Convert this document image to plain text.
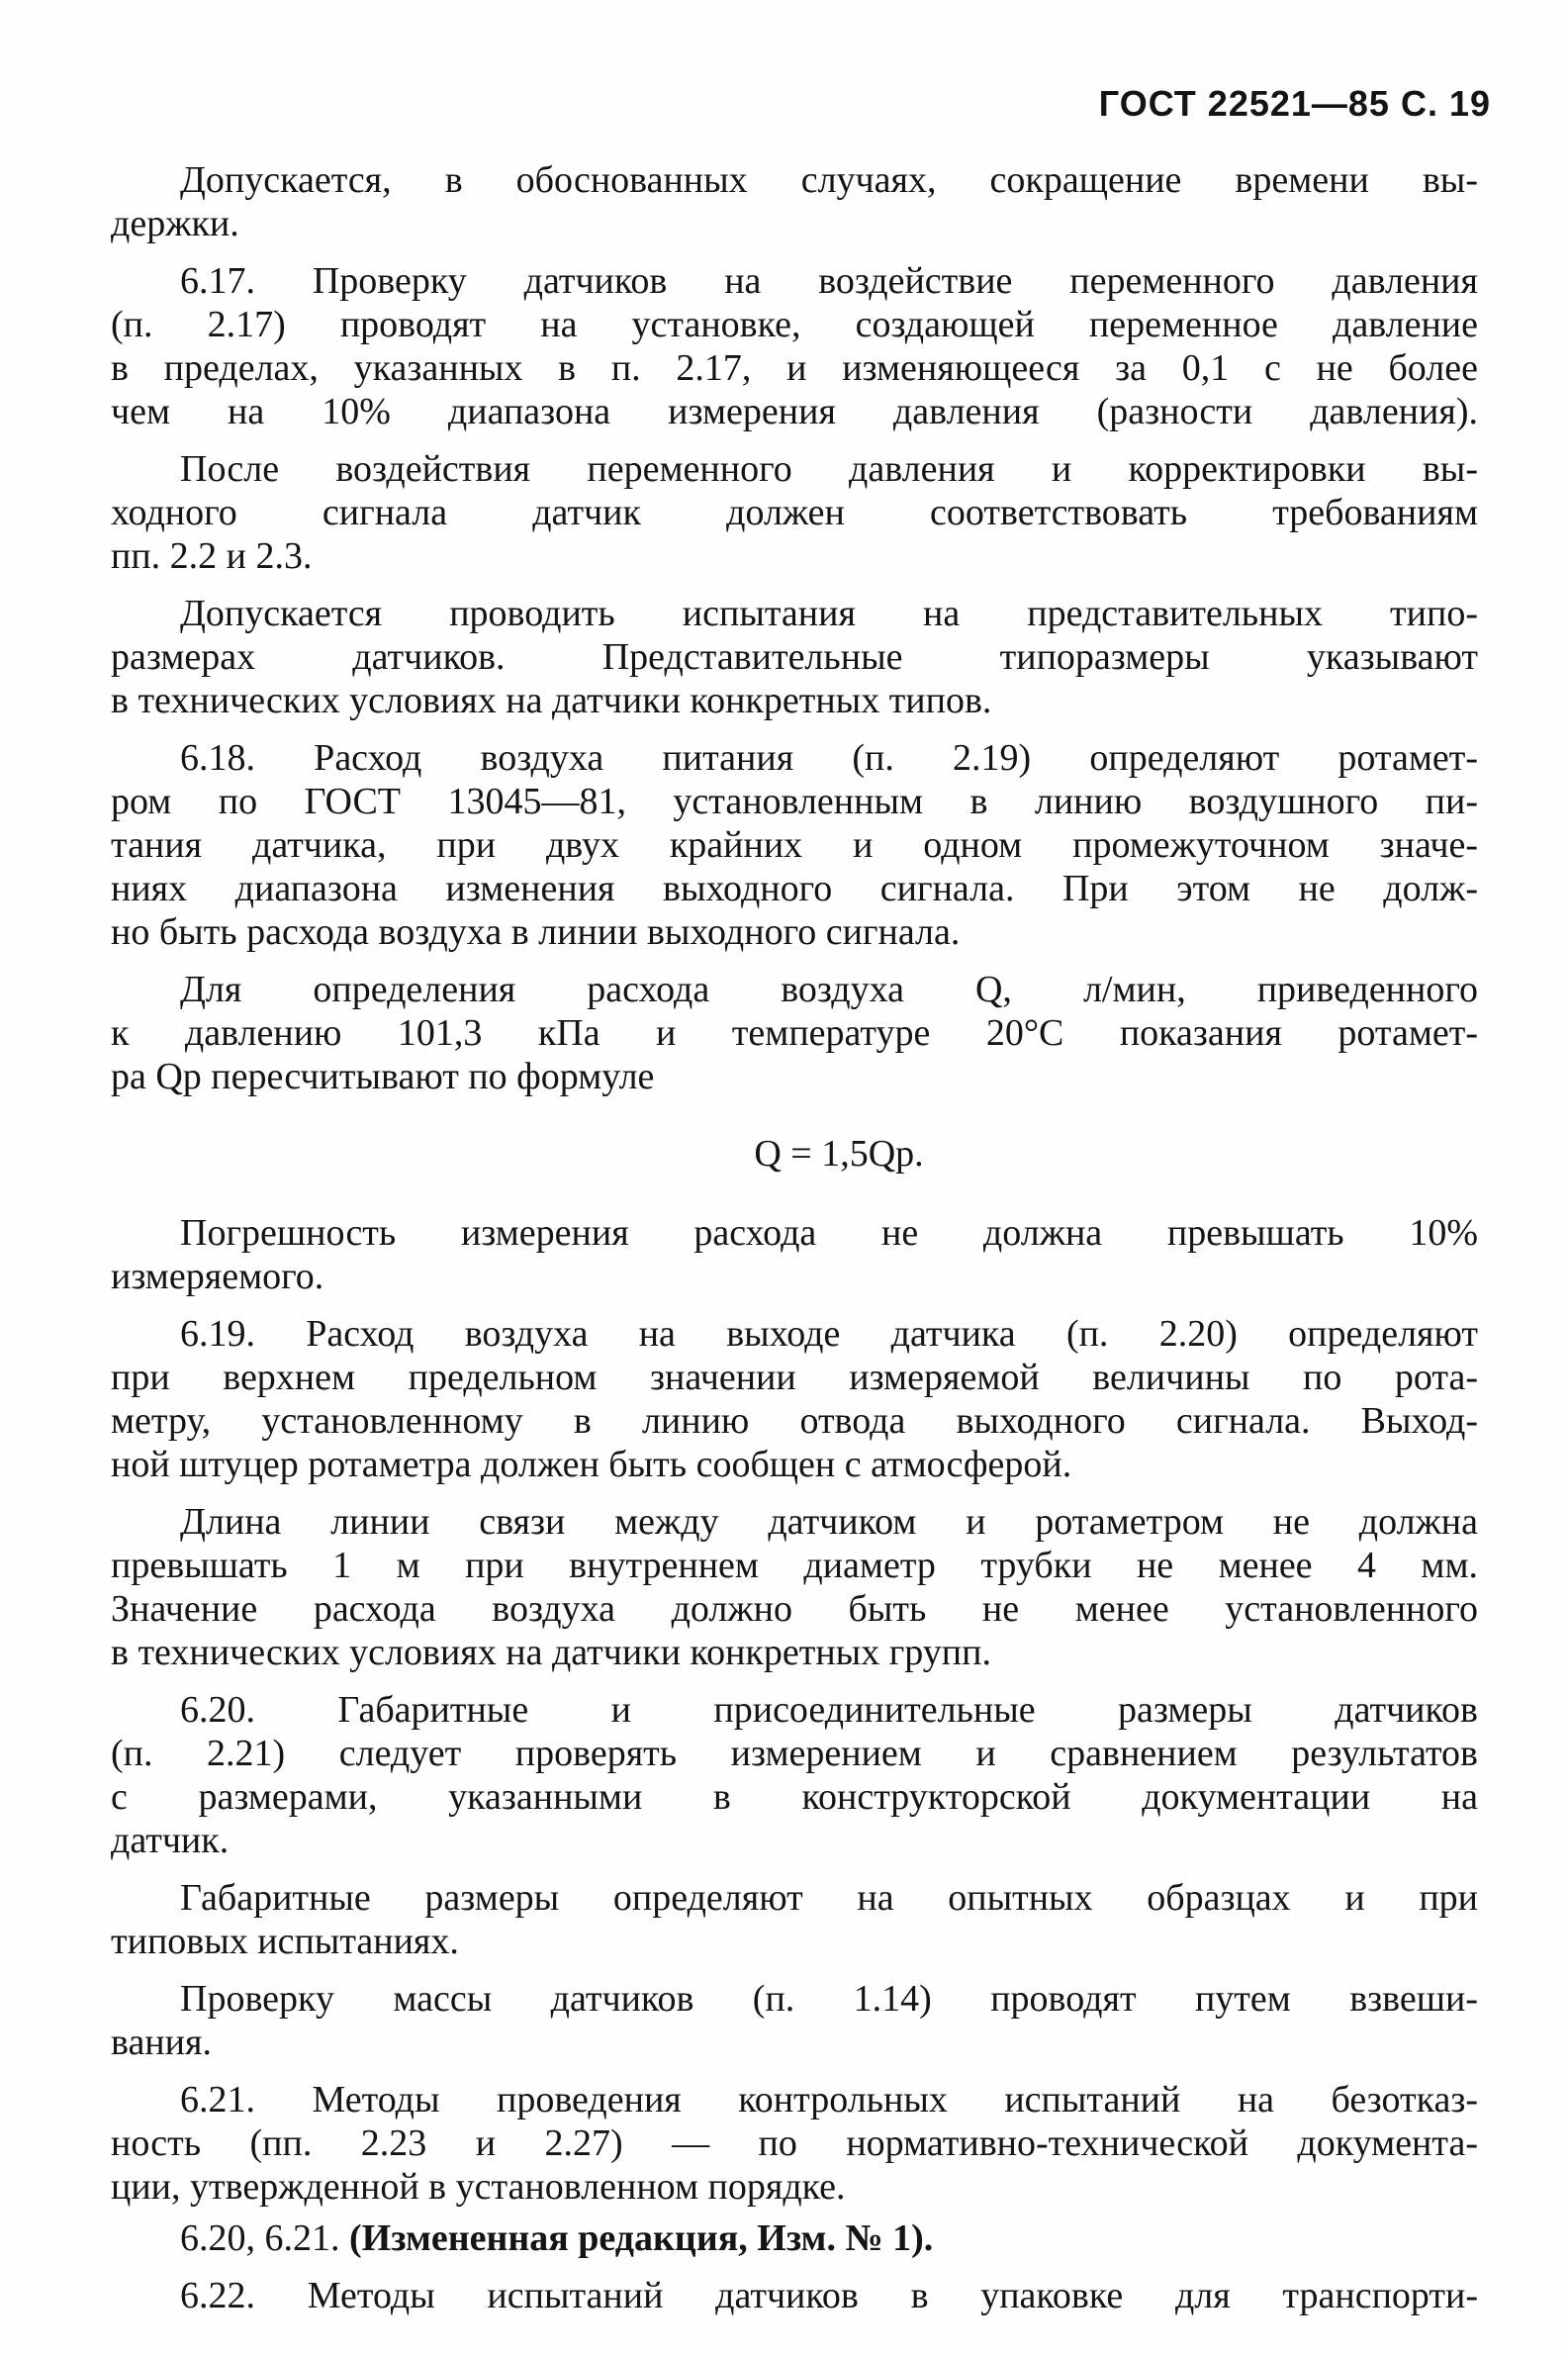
ГОСТ 22521—85 С. 19
Допускается, в обоснованных случаях, сокращение времени вы-
держки.
6.17. Проверку датчиков на воздействие переменного давления
(п. 2.17) проводят на установке, создающей переменное давление
в пределах, указанных в п. 2.17, и изменяющееся за 0,1 с не более
чем на 10% диапазона измерения давления (разности давления).
После воздействия переменного давления и корректировки вы-
ходного сигнала датчик должен соответствовать требованиям
пп. 2.2 и 2.3.
Допускается проводить испытания на представительных типо-
размерах датчиков. Представительные типоразмеры указывают
в технических условиях на датчики конкретных типов.
6.18. Расход воздуха питания (п. 2.19) определяют ротамет-
ром по ГОСТ 13045—81, установленным в линию воздушного пи-
тания датчика, при двух крайних и одном промежуточном значе-
ниях диапазона изменения выходного сигнала. При этом не долж-
но быть расхода воздуха в линии выходного сигнала.
Для определения расхода воздуха Q, л/мин, приведенного
к давлению 101,3 кПа и температуре 20°С показания ротамет-
ра Qр пересчитывают по формуле
Q = 1,5Qр.
Погрешность измерения расхода не должна превышать 10%
измеряемого.
6.19. Расход воздуха на выходе датчика (п. 2.20) определяют
при верхнем предельном значении измеряемой величины по рота-
метру, установленному в линию отвода выходного сигнала. Выход-
ной штуцер ротаметра должен быть сообщен с атмосферой.
Длина линии связи между датчиком и ротаметром не должна
превышать 1 м при внутреннем диаметр трубки не менее 4 мм.
Значение расхода воздуха должно быть не менее установленного
в технических условиях на датчики конкретных групп.
6.20. Габаритные и присоединительные размеры датчиков
(п. 2.21) следует проверять измерением и сравнением результатов
с размерами, указанными в конструкторской документации на
датчик.
Габаритные размеры определяют на опытных образцах и при
типовых испытаниях.
Проверку массы датчиков (п. 1.14) проводят путем взвеши-
вания.
6.21. Методы проведения контрольных испытаний на безотказ-
ность (пп. 2.23 и 2.27) — по нормативно-технической документа-
ции, утвержденной в установленном порядке.
6.20, 6.21. (Измененная редакция, Изм. № 1).
6.22. Методы испытаний датчиков в упаковке для транспорти-
